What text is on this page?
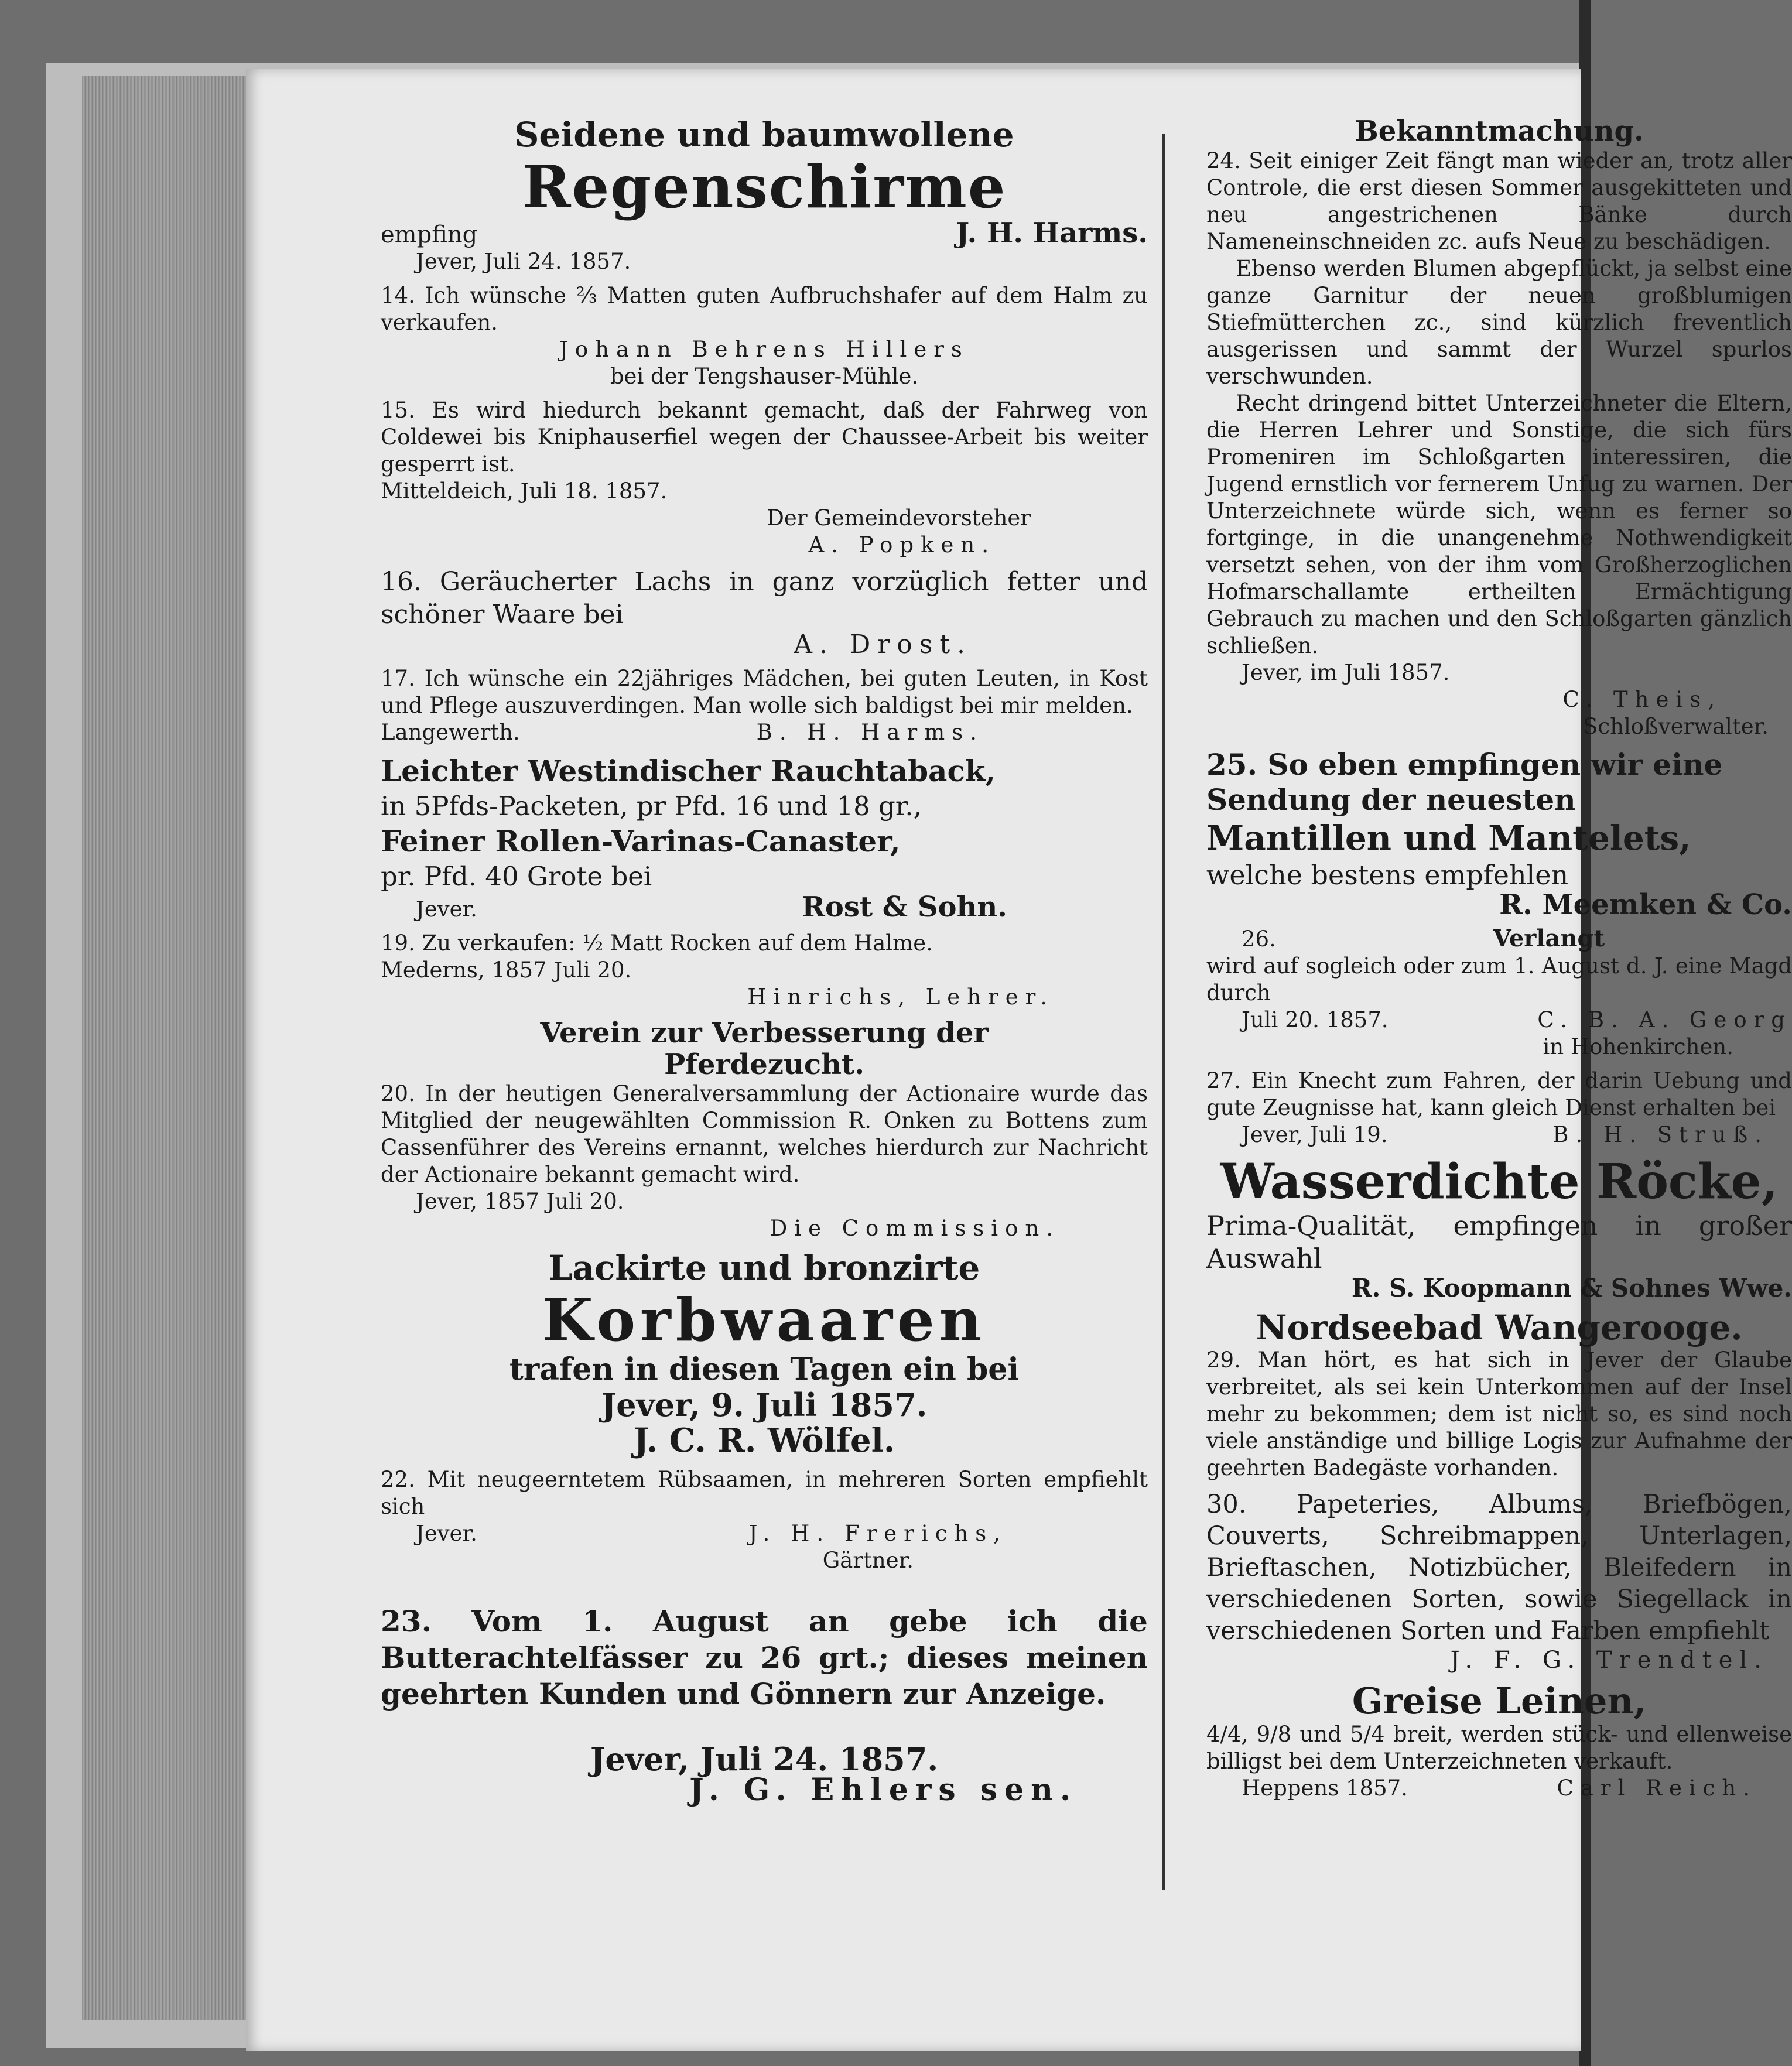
Seidene und baumwollene
Regenschirme
empfing	J. H. Harms.
Jever, Juli 24. 1857.

14. Ich wünsche ⅔ Matten guten Aufbruchshafer auf dem Halm zu verkaufen.

Johann Behrens Hillers
bei der Tengshauser-Mühle.

15. Es wird hiedurch bekannt gemacht, daß der Fahrweg von Coldewei bis Kniphauserfiel wegen der Chaussee-Arbeit bis weiter gesperrt ist.

Mitteldeich, Juli 18. 1857.
Der Gemeindevorsteher
A. Popken.

16. Geräucherter Lachs in ganz vorzüglich fetter und schöner Waare bei

A. Drost.

17. Ich wünsche ein 22jähriges Mädchen, bei guten Leuten, in Kost und Pflege auszuverdingen. Man wolle sich baldigst bei mir melden.

Langewerth.	B. H. Harms.
Leichter Westindischer Rauchtaback,
in 5Pfds-Packeten, pr Pfd. 16 und 18 gr.,
Feiner Rollen-Varinas-Canaster,
pr. Pfd. 40 Grote bei
Jever.	Rost & Sohn.

19. Zu verkaufen: ½ Matt Rocken auf dem Halme.

Mederns, 1857 Juli 20.
Hinrichs, Lehrer.
Verein zur Verbesserung der
Pferdezucht.

20. In der heutigen Generalversammlung der Actionaire wurde das Mitglied der neugewählten Commission R. Onken zu Bottens zum Cassenführer des Vereins ernannt, welches hierdurch zur Nachricht der Actionaire bekannt gemacht wird.

Jever, 1857 Juli 20.
Die Commission.
Lackirte und bronzirte
Korbwaaren
trafen in diesen Tagen ein bei
Jever, 9. Juli 1857.
J. C. R. Wölfel.

22. Mit neugeerntetem Rübsaamen, in mehreren Sorten empfiehlt sich

Jever.	J. H. Frerichs,
Gärtner.

23. Vom 1. August an gebe ich die Butterachtelfässer zu 26 grt.; dieses meinen geehrten Kunden und Gönnern zur Anzeige.

Jever, Juli 24. 1857.
J. G. Ehlers sen.
Bekanntmachung.

24. Seit einiger Zeit fängt man wieder an, trotz aller Controle, die erst diesen Sommer ausgekitteten und neu angestrichenen Bänke durch Nameneinschneiden zc. aufs Neue zu beschädigen.

Ebenso werden Blumen abgepflückt, ja selbst eine ganze Garnitur der neuen großblumigen Stiefmütterchen zc., sind kürzlich freventlich ausgerissen und sammt der Wurzel spurlos verschwunden.

Recht dringend bittet Unterzeichneter die Eltern, die Herren Lehrer und Sonstige, die sich fürs Promeniren im Schloßgarten interessiren, die Jugend ernstlich vor fernerem Unfug zu warnen. Der Unterzeichnete würde sich, wenn es ferner so fortginge, in die unangenehme Nothwendigkeit versetzt sehen, von der ihm vom Großherzoglichen Hofmarschallamte ertheilten Ermächtigung Gebrauch zu machen und den Schloßgarten gänzlich schließen.

Jever, im Juli 1857.
C. Theis,
Schloßverwalter.
25. So eben empfingen wir eine
Sendung der neuesten
Mantillen und Mantelets,
welche bestens empfehlen
R. Meemken & Co.
26.	Verlangt

wird auf sogleich oder zum 1. August d. J. eine Magd durch

Juli 20. 1857.	C. B. A. Georg
in Hohenkirchen.

27. Ein Knecht zum Fahren, der darin Uebung und gute Zeugnisse hat, kann gleich Dienst erhalten bei

Jever, Juli 19.	B. H. Struß.
Wasserdichte Röcke,

Prima-Qualität, empfingen in großer Auswahl

R. S. Koopmann & Sohnes Wwe.
Nordseebad Wangerooge.

29. Man hört, es hat sich in Jever der Glaube verbreitet, als sei kein Unterkommen auf der Insel mehr zu bekommen; dem ist nicht so, es sind noch viele anständige und billige Logis zur Aufnahme der geehrten Badegäste vorhanden.

30. Papeteries, Albums, Briefbögen, Couverts, Schreibmappen, Unterlagen, Brieftaschen, Notizbücher, Bleifedern in verschiedenen Sorten, sowie Siegellack in verschiedenen Sorten und Farben empfiehlt

J. F. G. Trendtel.
Greise Leinen,

4/4, 9/8 und 5/4 breit, werden stück- und ellenweise billigst bei dem Unterzeichneten verkauft.

Heppens 1857.	Carl Reich.
